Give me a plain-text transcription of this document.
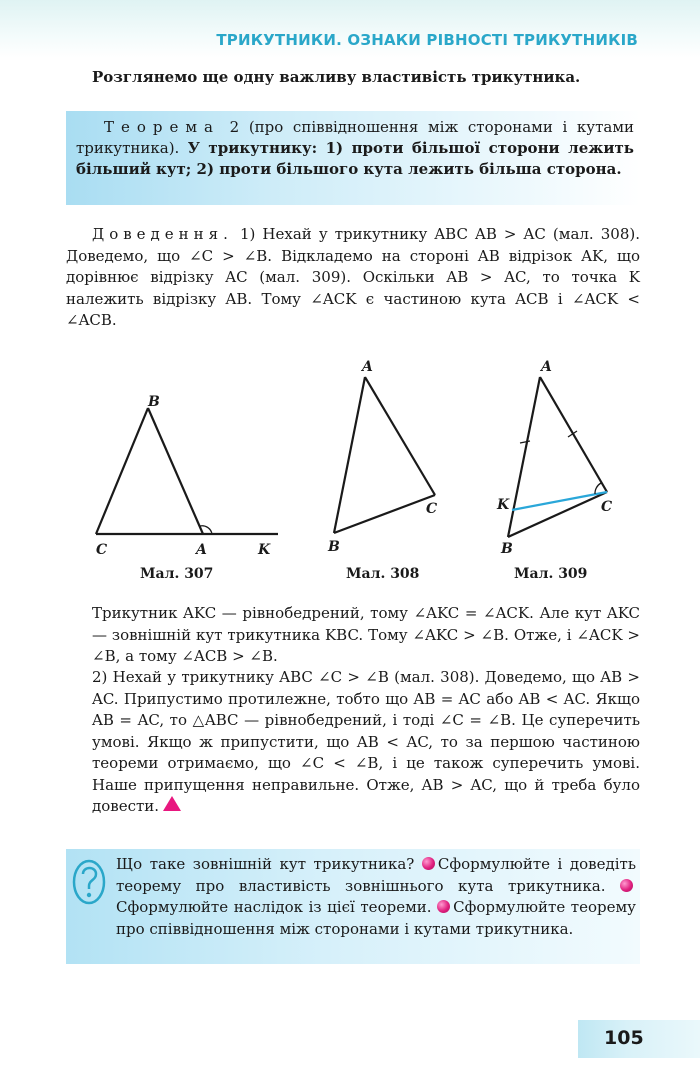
ТРИКУТНИКИ. ОЗНАКИ РІВНОСТІ ТРИКУТНИКІВ
Розглянемо ще одну важливу властивість трикутника.
Теорема 2 (про співвідношення між сторонами і кутами трикутника). У трикутнику: 1) проти більшої сторони лежить більший кут; 2) проти більшого кута лежить більша сторона.
Доведення. 1) Нехай у трикутнику ABC AB > AC (мал. 308). Доведемо, що ∠C > ∠B. Відкладемо на стороні AB відрізок AK, що дорівнює відрізку AC (мал. 309). Оскільки AB > AC, то точка K належить відрізку AB. Тому ∠ACK є частиною кута ACB і ∠ACK < ∠ACB.
B
C	A	K
Мал. 307
A
C
B
Мал. 308
A
K	C
B
Мал. 309
Трикутник AKC — рівнобедрений, тому ∠AKC = ∠ACK. Але кут AKC — зовнішній кут трикутника KBC. Тому ∠AKC > ∠B. Отже, і ∠ACK > ∠B, а тому ∠ACB > ∠B.
2) Нехай у трикутнику ABC ∠C > ∠B (мал. 308). Доведемо, що AB > AC. Припустимо протилежне, тобто що AB = AC або AB < AC. Якщо AB = AC, то △ABC — рівнобедрений, і тоді ∠C = ∠B. Це суперечить умові. Якщо ж припустити, що AB < AC, то за першою частиною теореми отримаємо, що ∠C < ∠B, і це також суперечить умові. Наше припущення неправильне. Отже, AB > AC, що й треба було довести.
Що таке зовнішній кут трикутника? Сформулюйте і доведіть теорему про властивість зовнішнього кута трикутника. Сформулюйте наслідок із цієї теореми. Сформулюйте теорему про співвідношення між сторонами і кутами трикутника.
105
